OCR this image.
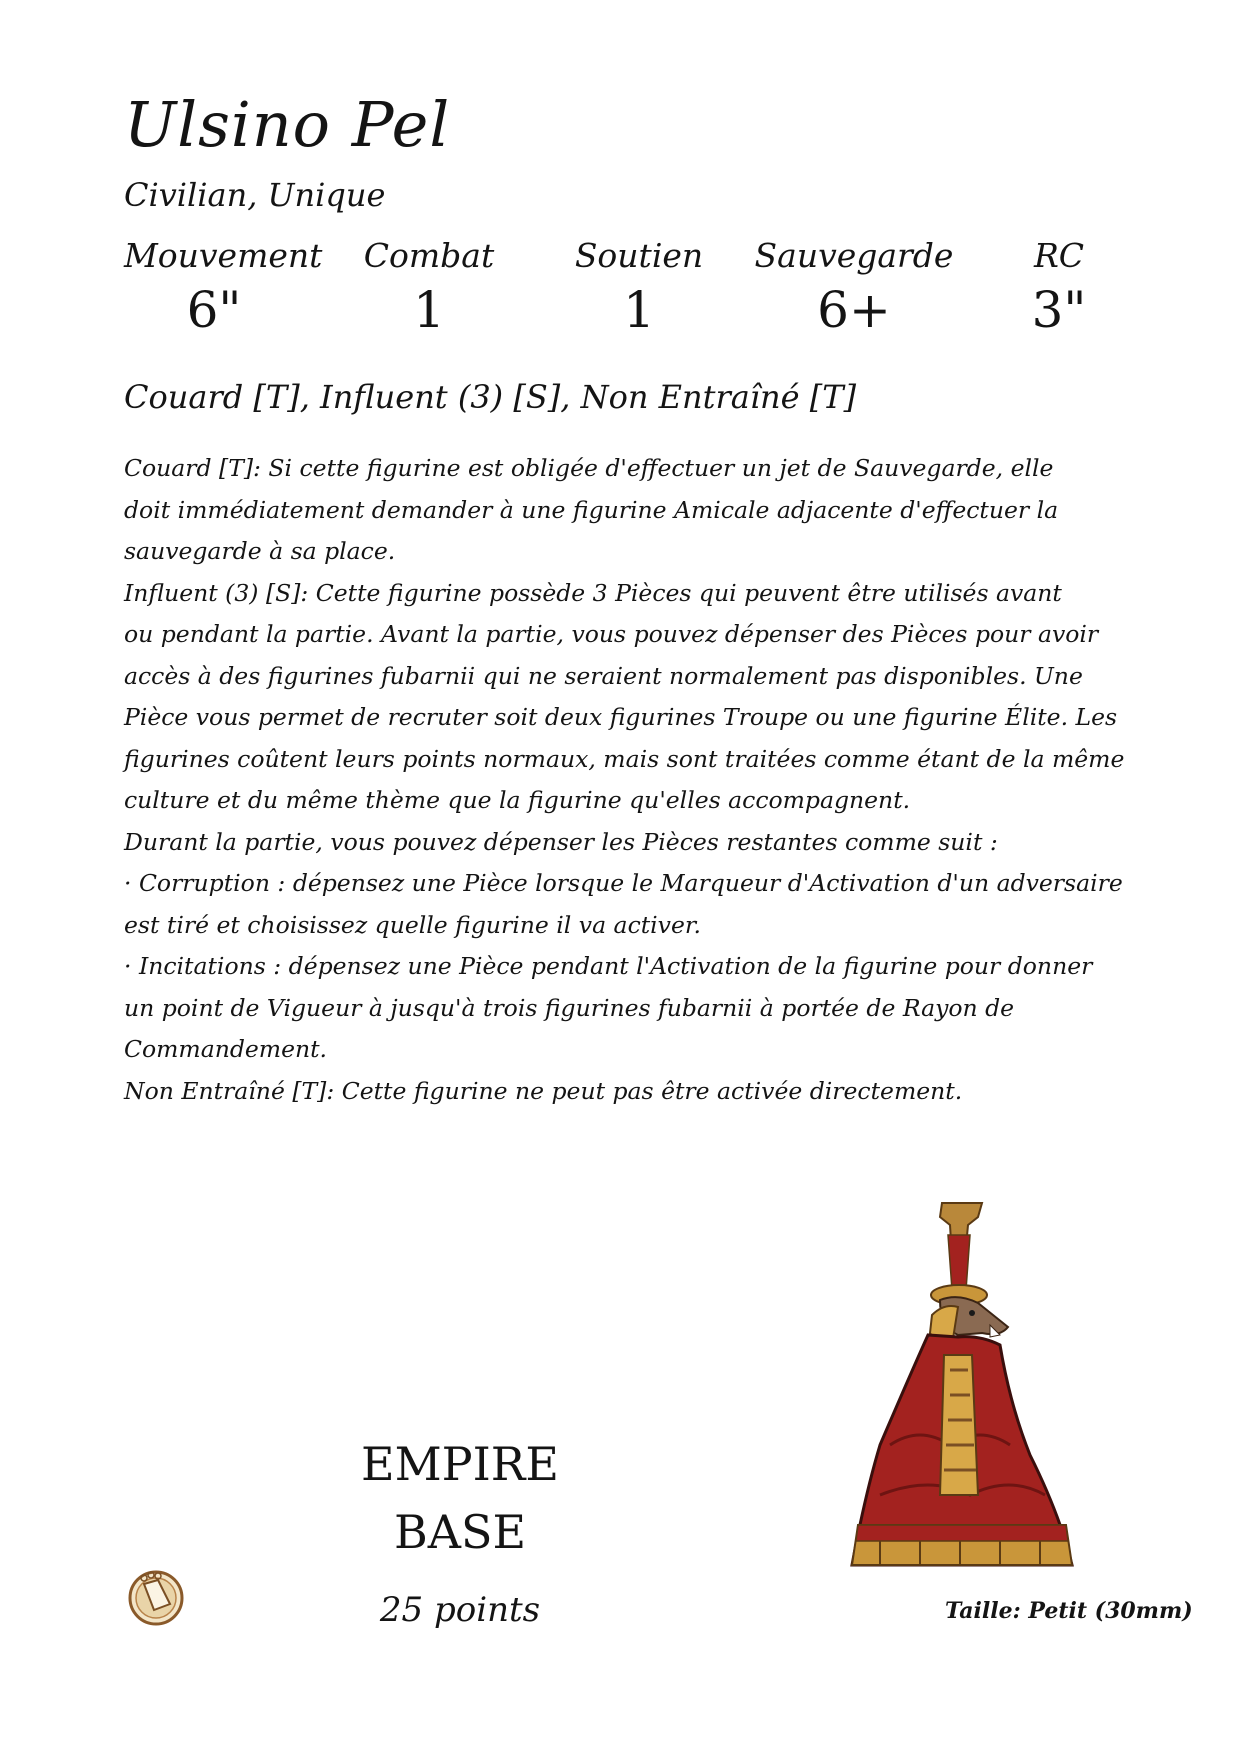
Ulsino Pel
Civilian, Unique
Mouvement
6"
Combat
1
Soutien
1
Sauvegarde
6+
RC
3"
Couard [T], Influent (3) [S], Non Entraîné [T]
Couard [T]: Si cette figurine est obligée d'effectuer un jet de Sauvegarde, elle
doit immédiatement demander à une figurine Amicale adjacente d'effectuer la
sauvegarde à sa place.
Influent (3) [S]: Cette figurine possède 3 Pièces qui peuvent être utilisés avant
ou pendant la partie. Avant la partie, vous pouvez dépenser des Pièces pour avoir
accès à des figurines fubarnii qui ne seraient normalement pas disponibles. Une
Pièce vous permet de recruter soit deux figurines Troupe ou une figurine Élite. Les
figurines coûtent leurs points normaux, mais sont traitées comme étant de la même
culture et du même thème que la figurine qu'elles accompagnent.
Durant la partie, vous pouvez dépenser les Pièces restantes comme suit :
· Corruption : dépensez une Pièce lorsque le Marqueur d'Activation d'un adversaire
est tiré et choisissez quelle figurine il va activer.
· Incitations : dépensez une Pièce pendant l'Activation de la figurine pour donner
un point de Vigueur à jusqu'à trois figurines fubarnii à portée de Rayon de
Commandement.
Non Entraîné [T]: Cette figurine ne peut pas être activée directement.
EMPIRE
BASE
25 points	Taille: Petit (30mm)
